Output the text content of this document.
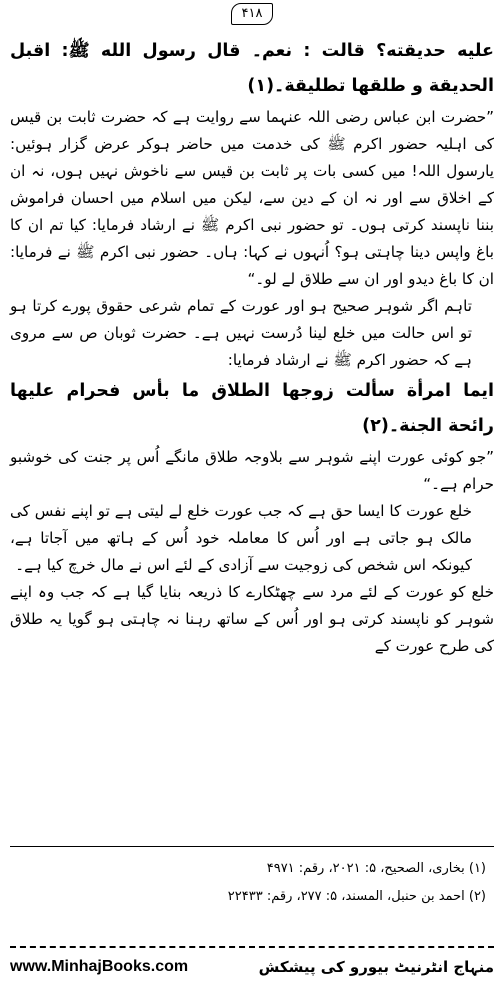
۴۱۸

عليه حديقته؟ قالت : نعم۔ قال رسول الله ﷺ: اقبل الحديقة و طلقها تطليقة۔(۱)

”حضرت ابن عباس رضی اللہ عنہما سے روایت ہے کہ حضرت ثابت بن قیس کی اہلیہ حضور اکرم ﷺ کی خدمت میں حاضر ہوکر عرض گزار ہوئیں: یارسول اللہ! میں کسی بات پر ثابت بن قیس سے ناخوش نہیں ہوں، نہ ان کے اخلاق سے اور نہ ان کے دین سے، لیکن میں اسلام میں احسان فراموش بننا ناپسند کرتی ہوں۔ تو حضور نبی اکرم ﷺ نے ارشاد فرمایا: کیا تم ان کا باغ واپس دینا چاہتی ہو؟ اُنہوں نے کہا: ہاں۔ حضور نبی اکرم ﷺ نے فرمایا: ان کا باغ دیدو اور ان سے طلاق لے لو۔“

تاہم اگر شوہر صحیح ہو اور عورت کے تمام شرعی حقوق پورے کرتا ہو تو اس حالت میں خلع لینا دُرست نہیں ہے۔ حضرت ثوبان ص سے مروی ہے کہ حضور اکرم ﷺ نے ارشاد فرمایا:

ايما امرأة سألت زوجها الطلاق ما بأس فحرام عليها رائحة الجنة۔(۲)

”جو کوئی عورت اپنے شوہر سے بلاوجہ طلاق مانگے اُس پر جنت کی خوشبو حرام ہے۔“

خلع عورت کا ایسا حق ہے کہ جب عورت خلع لے لیتی ہے تو اپنے نفس کی مالک ہو جاتی ہے اور اُس کا معاملہ خود اُس کے ہاتھ میں آجاتا ہے، کیونکہ اس شخص کی زوجیت سے آزادی کے لئے اس نے مال خرچ کیا ہے۔

خلع کو عورت کے لئے مرد سے چھٹکارے کا ذریعہ بنایا گیا ہے کہ جب وہ اپنے شوہر کو ناپسند کرتی ہو اور اُس کے ساتھ رہنا نہ چاہتی ہو گویا یہ طلاق کی طرح عورت کے

(۱) بخاری، الصحیح، ۵: ۲۰۲۱، رقم: ۴۹۷۱
(۲) احمد بن حنبل، المسند، ۵: ۲۷۷، رقم: ۲۲۴۳۳
www.MinhajBooks.com	منہاج انٹرنیٹ بیورو کی پیشکش
